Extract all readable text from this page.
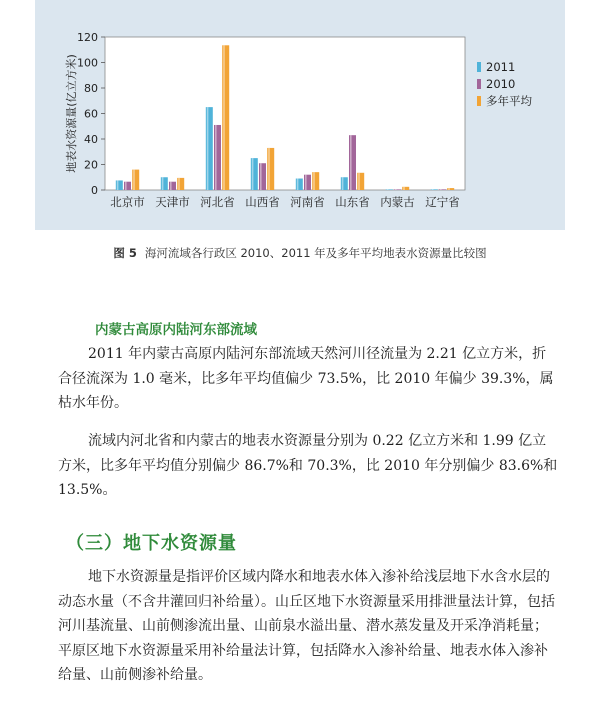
0
20
40
60
80
100
120
地表水资源量(亿立方米)
北京市 天津市 河北省 山西省 河南省 山东省 内蒙古 辽宁省
2011
2010
多年平均
图 5 海河流域各行政区 2010、2011 年及多年平均地表水资源量比较图
内蒙古高原内陆河东部流域

2011 年内蒙古高原内陆河东部流域天然河川径流量为 2.21 亿立方米，折合径流深为 1.0 毫米，比多年平均值偏少 73.5%，比 2010 年偏少 39.3%，属枯水年份。

流域内河北省和内蒙古的地表水资源量分别为 0.22 亿立方米和 1.99 亿立方米，比多年平均值分别偏少 86.7%和 70.3%，比 2010 年分别偏少 83.6%和 13.5%。

（三）地下水资源量

地下水资源量是指评价区域内降水和地表水体入渗补给浅层地下水含水层的动态水量（不含井灌回归补给量）。山丘区地下水资源量采用排泄量法计算，包括河川基流量、山前侧渗流出量、山前泉水溢出量、潜水蒸发量及开采净消耗量；平原区地下水资源量采用补给量法计算，包括降水入渗补给量、地表水体入渗补给量、山前侧渗补给量。
